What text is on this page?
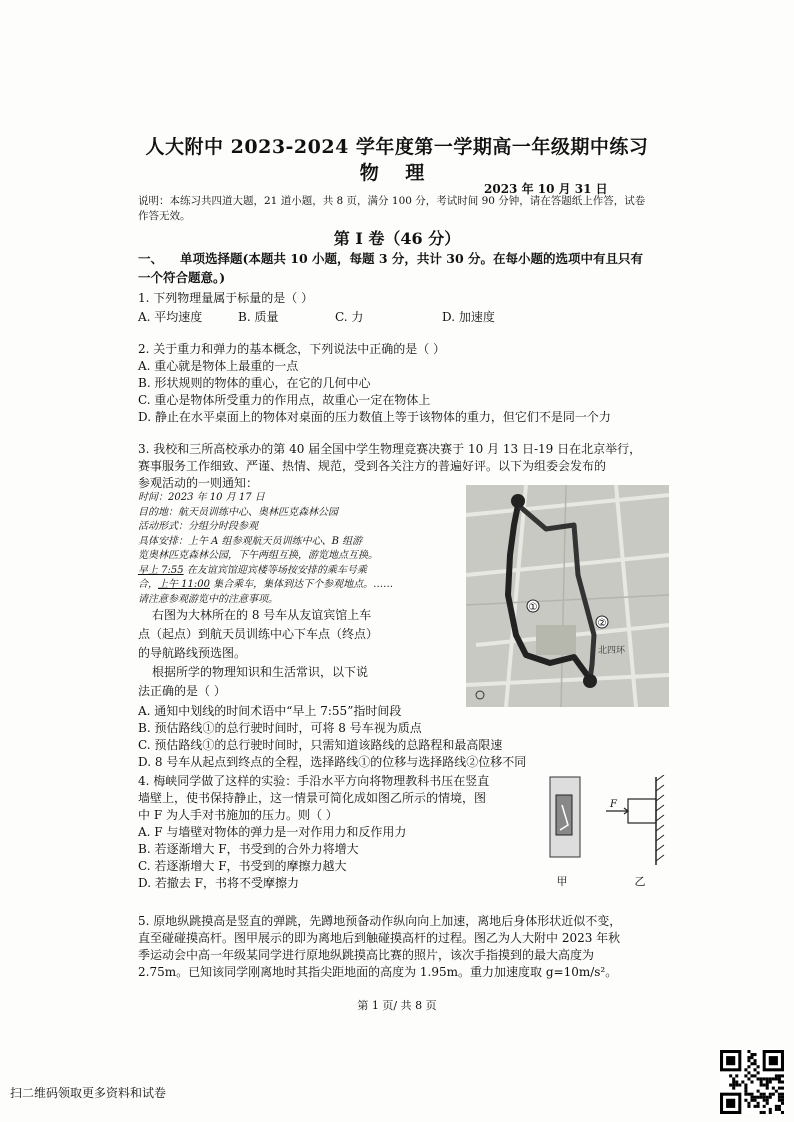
人大附中 2023-2024 学年度第一学期高一年级期中练习
物 理
2023 年 10 月 31 日
说明：本练习共四道大题，21 道小题，共 8 页，满分 100 分，考试时间 90 分钟，请在答题纸上作答，试卷
作答无效。
第 I 卷（46 分）
一、 单项选择题(本题共 10 小题，每题 3 分，共计 30 分。在每小题的选项中有且只有
一个符合题意。)
1. 下列物理量属于标量的是（ ）
A. 平均速度	B. 质量	C. 力	D. 加速度
2. 关于重力和弹力的基本概念，下列说法中正确的是（ ）
A. 重心就是物体上最重的一点
B. 形状规则的物体的重心，在它的几何中心
C. 重心是物体所受重力的作用点，故重心一定在物体上
D. 静止在水平桌面上的物体对桌面的压力数值上等于该物体的重力，但它们不是同一个力
3. 我校和三所高校承办的第 40 届全国中学生物理竞赛决赛于 10 月 13 日-19 日在北京举行，
赛事服务工作细致、严谨、热情、规范，受到各关注方的普遍好评。以下为组委会发布的
参观活动的一则通知：
时间：2023 年 10 月 17 日
目的地：航天员训练中心、奥林匹克森林公园
活动形式：分组分时段参观
具体安排：上午 A 组参观航天员训练中心、B 组游
览奥林匹克森林公园，下午两组互换，游览地点互换。
早上 7:55 在友谊宾馆迎宾楼等场按安排的乘车号乘
合，上午 11:00 集合乘车，集体到达下个参观地点。……
请注意参观游览中的注意事项。
右图为大林所在的 8 号车从友谊宾馆上车
点（起点）到航天员训练中心下车点（终点）
的导航路线预选图。
根据所学的物理知识和生活常识，以下说
法正确的是（ ）
A. 通知中划线的时间术语中“早上 7:55”指时间段
B. 预估路线①的总行驶时间时，可将 8 号车视为质点
C. 预估路线①的总行驶时间时，只需知道该路线的总路程和最高限速
D. 8 号车从起点到终点的全程，选择路线①的位移与选择路线②位移不同
①
②
北四环
4. 梅峡同学做了这样的实验：手沿水平方向将物理教科书压在竖直
墙壁上，使书保持静止，这一情景可简化成如图乙所示的情境，图
中 F 为人手对书施加的压力。则（ ）
A. F 与墙壁对物体的弹力是一对作用力和反作用力
B. 若逐渐增大 F，书受到的合外力将增大
C. 若逐渐增大 F，书受到的摩擦力越大
D. 若撤去 F，书将不受摩擦力	甲
F
乙
5. 原地纵跳摸高是竖直的弹跳，先蹲地预备动作纵向向上加速，离地后身体形状近似不变，
直至碰碰摸高杆。图甲展示的即为离地后到触碰摸高杆的过程。图乙为人大附中 2023 年秋
季运动会中高一年级某同学进行原地纵跳摸高比赛的照片，该次手指摸到的最大高度为
2.75m。已知该同学刚离地时其指尖距地面的高度为 1.95m。重力加速度取 g=10m/s²。
第 1 页/ 共 8 页
扫二维码领取更多资料和试卷
